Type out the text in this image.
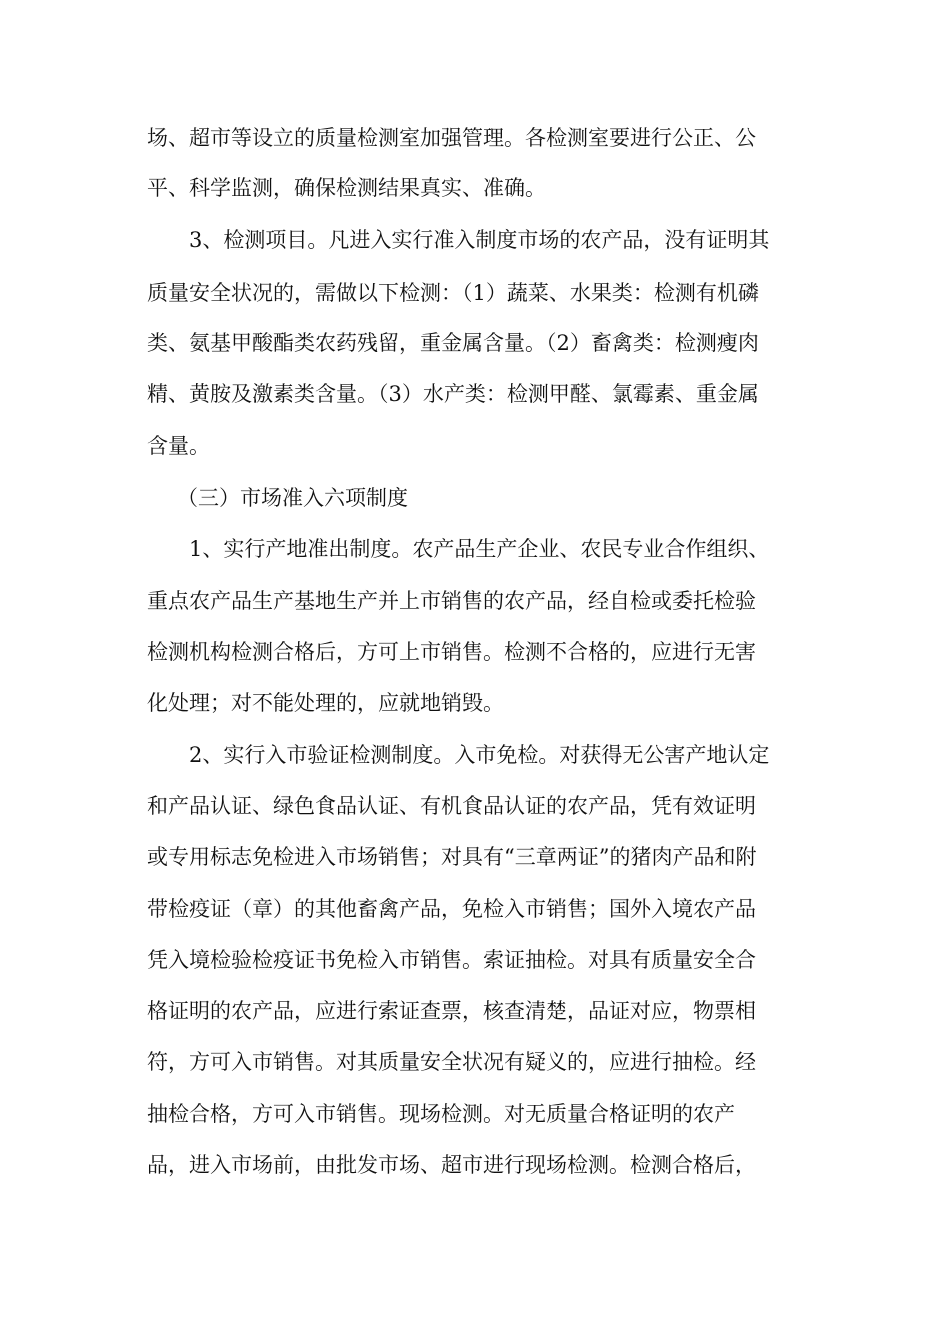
场、超市等设立的质量检测室加强管理。各检测室要进行公正、公
平、科学监测，确保检测结果真实、准确。
3、检测项目。凡进入实行准入制度市场的农产品，没有证明其
质量安全状况的，需做以下检测：（1）蔬菜、水果类：检测有机磷
类、氨基甲酸酯类农药残留，重金属含量。（2）畜禽类：检测瘦肉
精、黄胺及激素类含量。（3）水产类：检测甲醛、氯霉素、重金属
含量。
（三）市场准入六项制度
1、实行产地准出制度。农产品生产企业、农民专业合作组织、
重点农产品生产基地生产并上市销售的农产品，经自检或委托检验
检测机构检测合格后，方可上市销售。检测不合格的，应进行无害
化处理；对不能处理的，应就地销毁。
2、实行入市验证检测制度。入市免检。对获得无公害产地认定
和产品认证、绿色食品认证、有机食品认证的农产品，凭有效证明
或专用标志免检进入市场销售；对具有“三章两证”的猪肉产品和附
带检疫证（章）的其他畜禽产品，免检入市销售；国外入境农产品
凭入境检验检疫证书免检入市销售。索证抽检。对具有质量安全合
格证明的农产品，应进行索证查票，核查清楚，品证对应，物票相
符，方可入市销售。对其质量安全状况有疑义的，应进行抽检。经
抽检合格，方可入市销售。现场检测。对无质量合格证明的农产
品，进入市场前，由批发市场、超市进行现场检测。检测合格后，
